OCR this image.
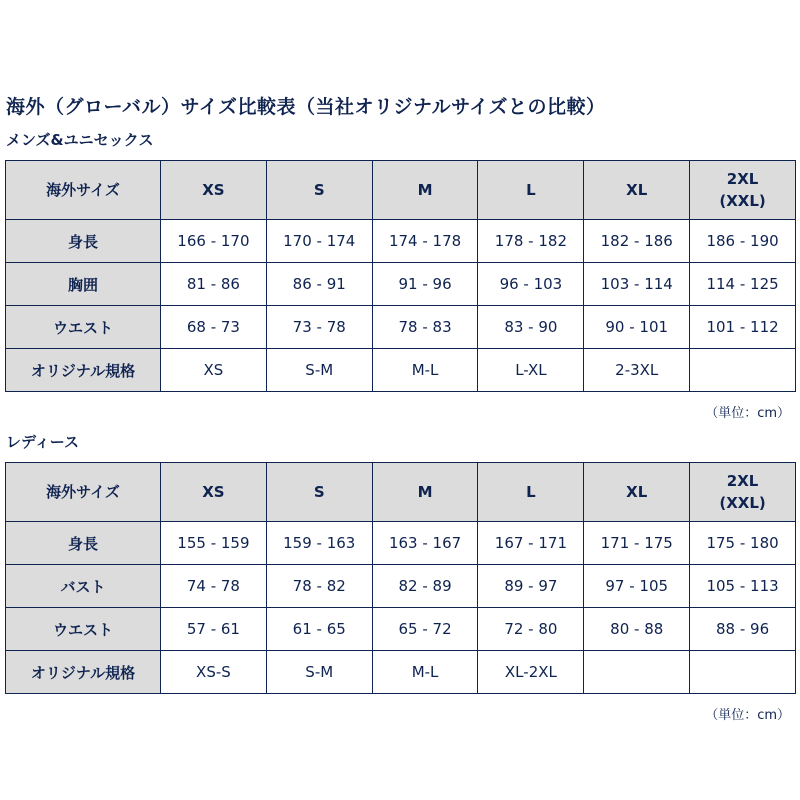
海外（グローバル）サイズ比較表（当社オリジナルサイズとの比較）
メンズ&ユニセックス
海外サイズ	XS	S	M	L	XL	2XL
(XXL)
身長	166 - 170	170 - 174	174 - 178	178 - 182	182 - 186	186 - 190
胸囲	81 - 86	86 - 91	91 - 96	96 - 103	103 - 114	114 - 125
ウエスト	68 - 73	73 - 78	78 - 83	83 - 90	90 - 101	101 - 112
オリジナル規格	XS	S-M	M-L	L-XL	2-3XL	
（単位：cm）
レディース
海外サイズ	XS	S	M	L	XL	2XL
(XXL)
身長	155 - 159	159 - 163	163 - 167	167 - 171	171 - 175	175 - 180
バスト	74 - 78	78 - 82	82 - 89	89 - 97	97 - 105	105 - 113
ウエスト	57 - 61	61 - 65	65 - 72	72 - 80	80 - 88	88 - 96
オリジナル規格	XS-S	S-M	M-L	XL-2XL		
（単位：cm）
